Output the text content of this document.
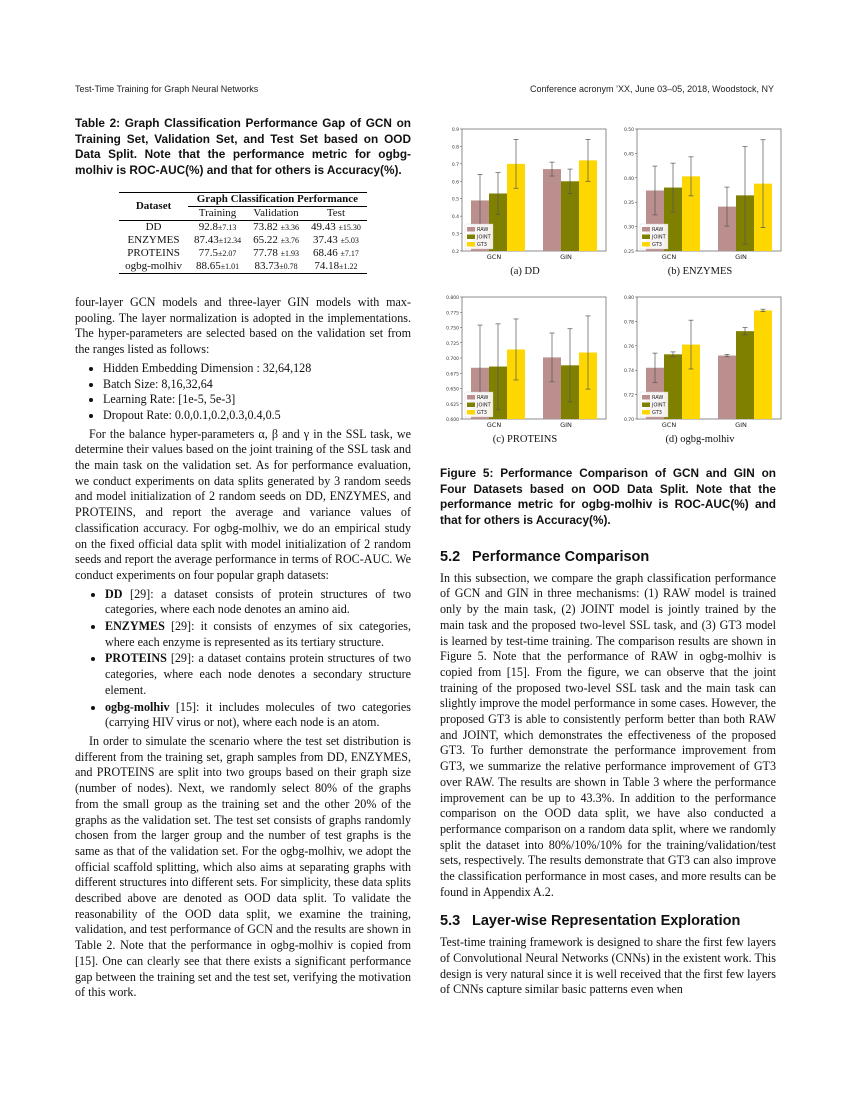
Test-Time Training for Graph Neural Networks	Conference acronym ’XX, June 03–05, 2018, Woodstock, NY
Table 2: Graph Classification Performance Gap of GCN on Training Set, Validation Set, and Test Set based on OOD Data Split. Note that the performance metric for ogbg-molhiv is ROC-AUC(%) and that for others is Accuracy(%).
Dataset	Graph Classification Performance		
	Training	Validation	Test
DD	92.8±7.13	73.82 ±3.36	49.43 ±15.30
ENZYMES	87.43±12.34	65.22 ±3.76	37.43 ±5.03
PROTEINS	77.5±2.07	77.78 ±1.93	68.46 ±7.17
ogbg-molhiv	88.65±1.01	83.73±0.78	74.18±1.22

four-layer GCN models and three-layer GIN models with max-pooling. The layer normalization is adopted in the implementations. The hyper-parameters are selected based on the validation set from the ranges listed as follows:

• Hidden Embedding Dimension : 32,64,128
• Batch Size: 8,16,32,64
• Learning Rate: [1e-5, 5e-3]
• Dropout Rate: 0.0,0.1,0.2,0.3,0.4,0.5

For the balance hyper-parameters α, β and γ in the SSL task, we determine their values based on the joint training of the SSL task and the main task on the validation set. As for performance evaluation, we conduct experiments on data splits generated by 3 random seeds and model initialization of 2 random seeds on DD, ENZYMES, and PROTEINS, and report the average and variance values of classification accuracy. For ogbg-molhiv, we do an empirical study on the fixed official data split with model initialization of 2 random seeds and report the average performance in terms of ROC-AUC. We conduct experiments on four popular graph datasets:

• DD [29]: a dataset consists of protein structures of two categories, where each node denotes an amino aid.
• ENZYMES [29]: it consists of enzymes of six categories, where each enzyme is represented as its tertiary structure.
• PROTEINS [29]: a dataset contains protein structures of two categories, where each node denotes a secondary structure element.
• ogbg-molhiv [15]: it includes molecules of two categories (carrying HIV virus or not), where each node is an atom.

In order to simulate the scenario where the test set distribution is different from the training set, graph samples from DD, ENZYMES, and PROTEINS are split into two groups based on their graph size (number of nodes). Next, we randomly select 80% of the graphs from the small group as the training set and the other 20% of the graphs as the validation set. The test set consists of graphs randomly chosen from the larger group and the number of test graphs is the same as that of the validation set. For the ogbg-molhiv, we adopt the official scaffold splitting, which also aims at separating graphs with different structures into different sets. For simplicity, these data splits described above are denoted as OOD data split. To validate the reasonability of the OOD data split, we examine the training, validation, and test performance of GCN and the results are shown in Table 2. Note that the performance in ogbg-molhiv is copied from [15]. One can clearly see that there exists a significant performance gap between the training set and the test set, verifying the motivation of this work.

0.2
0.3
0.4
0.5
0.6
0.7
0.8
0.9
GCN	GIN
RAW
JOINT
GT3
(a) DD
0.25
0.30
0.35
0.40
0.45
0.50
GCN	GIN
RAW
JOINT
GT3
(b) ENZYMES
0.600
0.625
0.650
0.675
0.700
0.725
0.750
0.775
0.800
GCN	GIN
RAW
JOINT
GT3
(c) PROTEINS
0.70
0.72
0.74
0.76
0.78
0.80
GCN	GIN
RAW
JOINT
GT3
(d) ogbg-molhiv
Figure 5: Performance Comparison of GCN and GIN on Four Datasets based on OOD Data Split. Note that the performance metric for ogbg-molhiv is ROC-AUC(%) and that for others is Accuracy(%).
5.2 Performance Comparison

In this subsection, we compare the graph classification performance of GCN and GIN in three mechanisms: (1) RAW model is trained only by the main task, (2) JOINT model is jointly trained by the main task and the proposed two-level SSL task, and (3) GT3 model is learned by test-time training. The comparison results are shown in Figure 5. Note that the performance of RAW in ogbg-molhiv is copied from [15]. From the figure, we can observe that the joint training of the proposed two-level SSL task and the main task can slightly improve the model performance in some cases. However, the proposed GT3 is able to consistently perform better than both RAW and JOINT, which demonstrates the effectiveness of the proposed GT3. To further demonstrate the performance improvement from GT3, we summarize the relative performance improvement of GT3 over RAW. The results are shown in Table 3 where the performance improvement can be up to 43.3%. In addition to the performance comparison on the OOD data split, we have also conducted a performance comparison on a random data split, where we randomly split the dataset into 80%/10%/10% for the training/validation/test sets, respectively. The results demonstrate that GT3 can also improve the classification performance in most cases, and more results can be found in Appendix A.2.

5.3 Layer-wise Representation Exploration

Test-time training framework is designed to share the first few layers of Convolutional Neural Networks (CNNs) in the existent work. This design is very natural since it is well received that the first few layers of CNNs capture similar basic patterns even when
